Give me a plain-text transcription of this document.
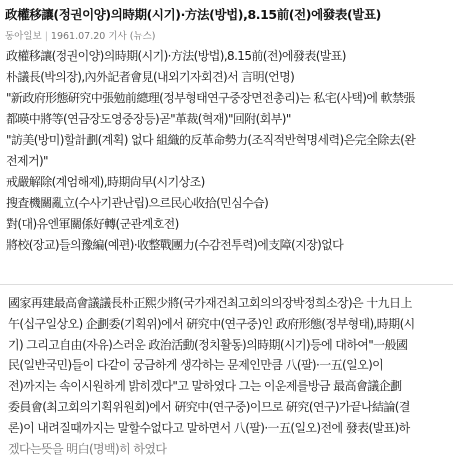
政權移讓(정권이양)의時期(시기)·方法(방법),8.15前(전)에發表(발표)
동아일보 | 1961.07.20 기사 (뉴스)
政權移讓(정권이양)의時期(시기)·方法(방법),8.15前(전)에發表(발표)
朴議長(박의장),內外記者會見(내외기자회견)서 言明(언명)
"新政府形態硏究中張勉前總理(정부형태연구중장면전총리)는 私宅(사택)에 軟禁張
都暎中將等(연금장도영중장등)곧"革裁(혁재)"回附(회부)"
"訪美(방미)할計劃(계획) 없다 組織的反革命勢力(조직적반혁명세력)은完全除去(완
전제거)"
戒嚴解除(계엄해제),時期尙早(시기상조)
搜査機關亂立(수사기관난립)으르民心收拾(민심수습)
對(대)유엔軍關係好轉(군관계호전)
將校(장교)들의豫編(예편)·收整戰團力(수감전투력)에支障(지장)없다
國家再建最高會議議長朴正熙少將(국가재건최고회의의장박정희소장)은 十九日上
午(십구일상오) 企劃委(기획위)에서 硏究中(연구중)인 政府形態(정부형태),時期(시
기) 그리고自由(자유)스러운 政治活動(정치활동)의時期(시기)등에 대하여"一般國
民(일반국민)들이 다같이 궁금하게 생각하는 문제인만큼 八(팔)·一五(일오)이
전)까지는 속이시원하게 밝히겠다"고 말하였다 그는 이운제를방금 最高會議企劃
委員會(최고회의기획위원회)에서 硏究中(연구중)이므로 硏究(연구)가끝나結論(결
론)이 내려질때까지는 말할수없다고 말하면서 八(팔)·一五(일오)전에 發表(발표)하
겠다는뜻을 明白(명백)히 하였다
